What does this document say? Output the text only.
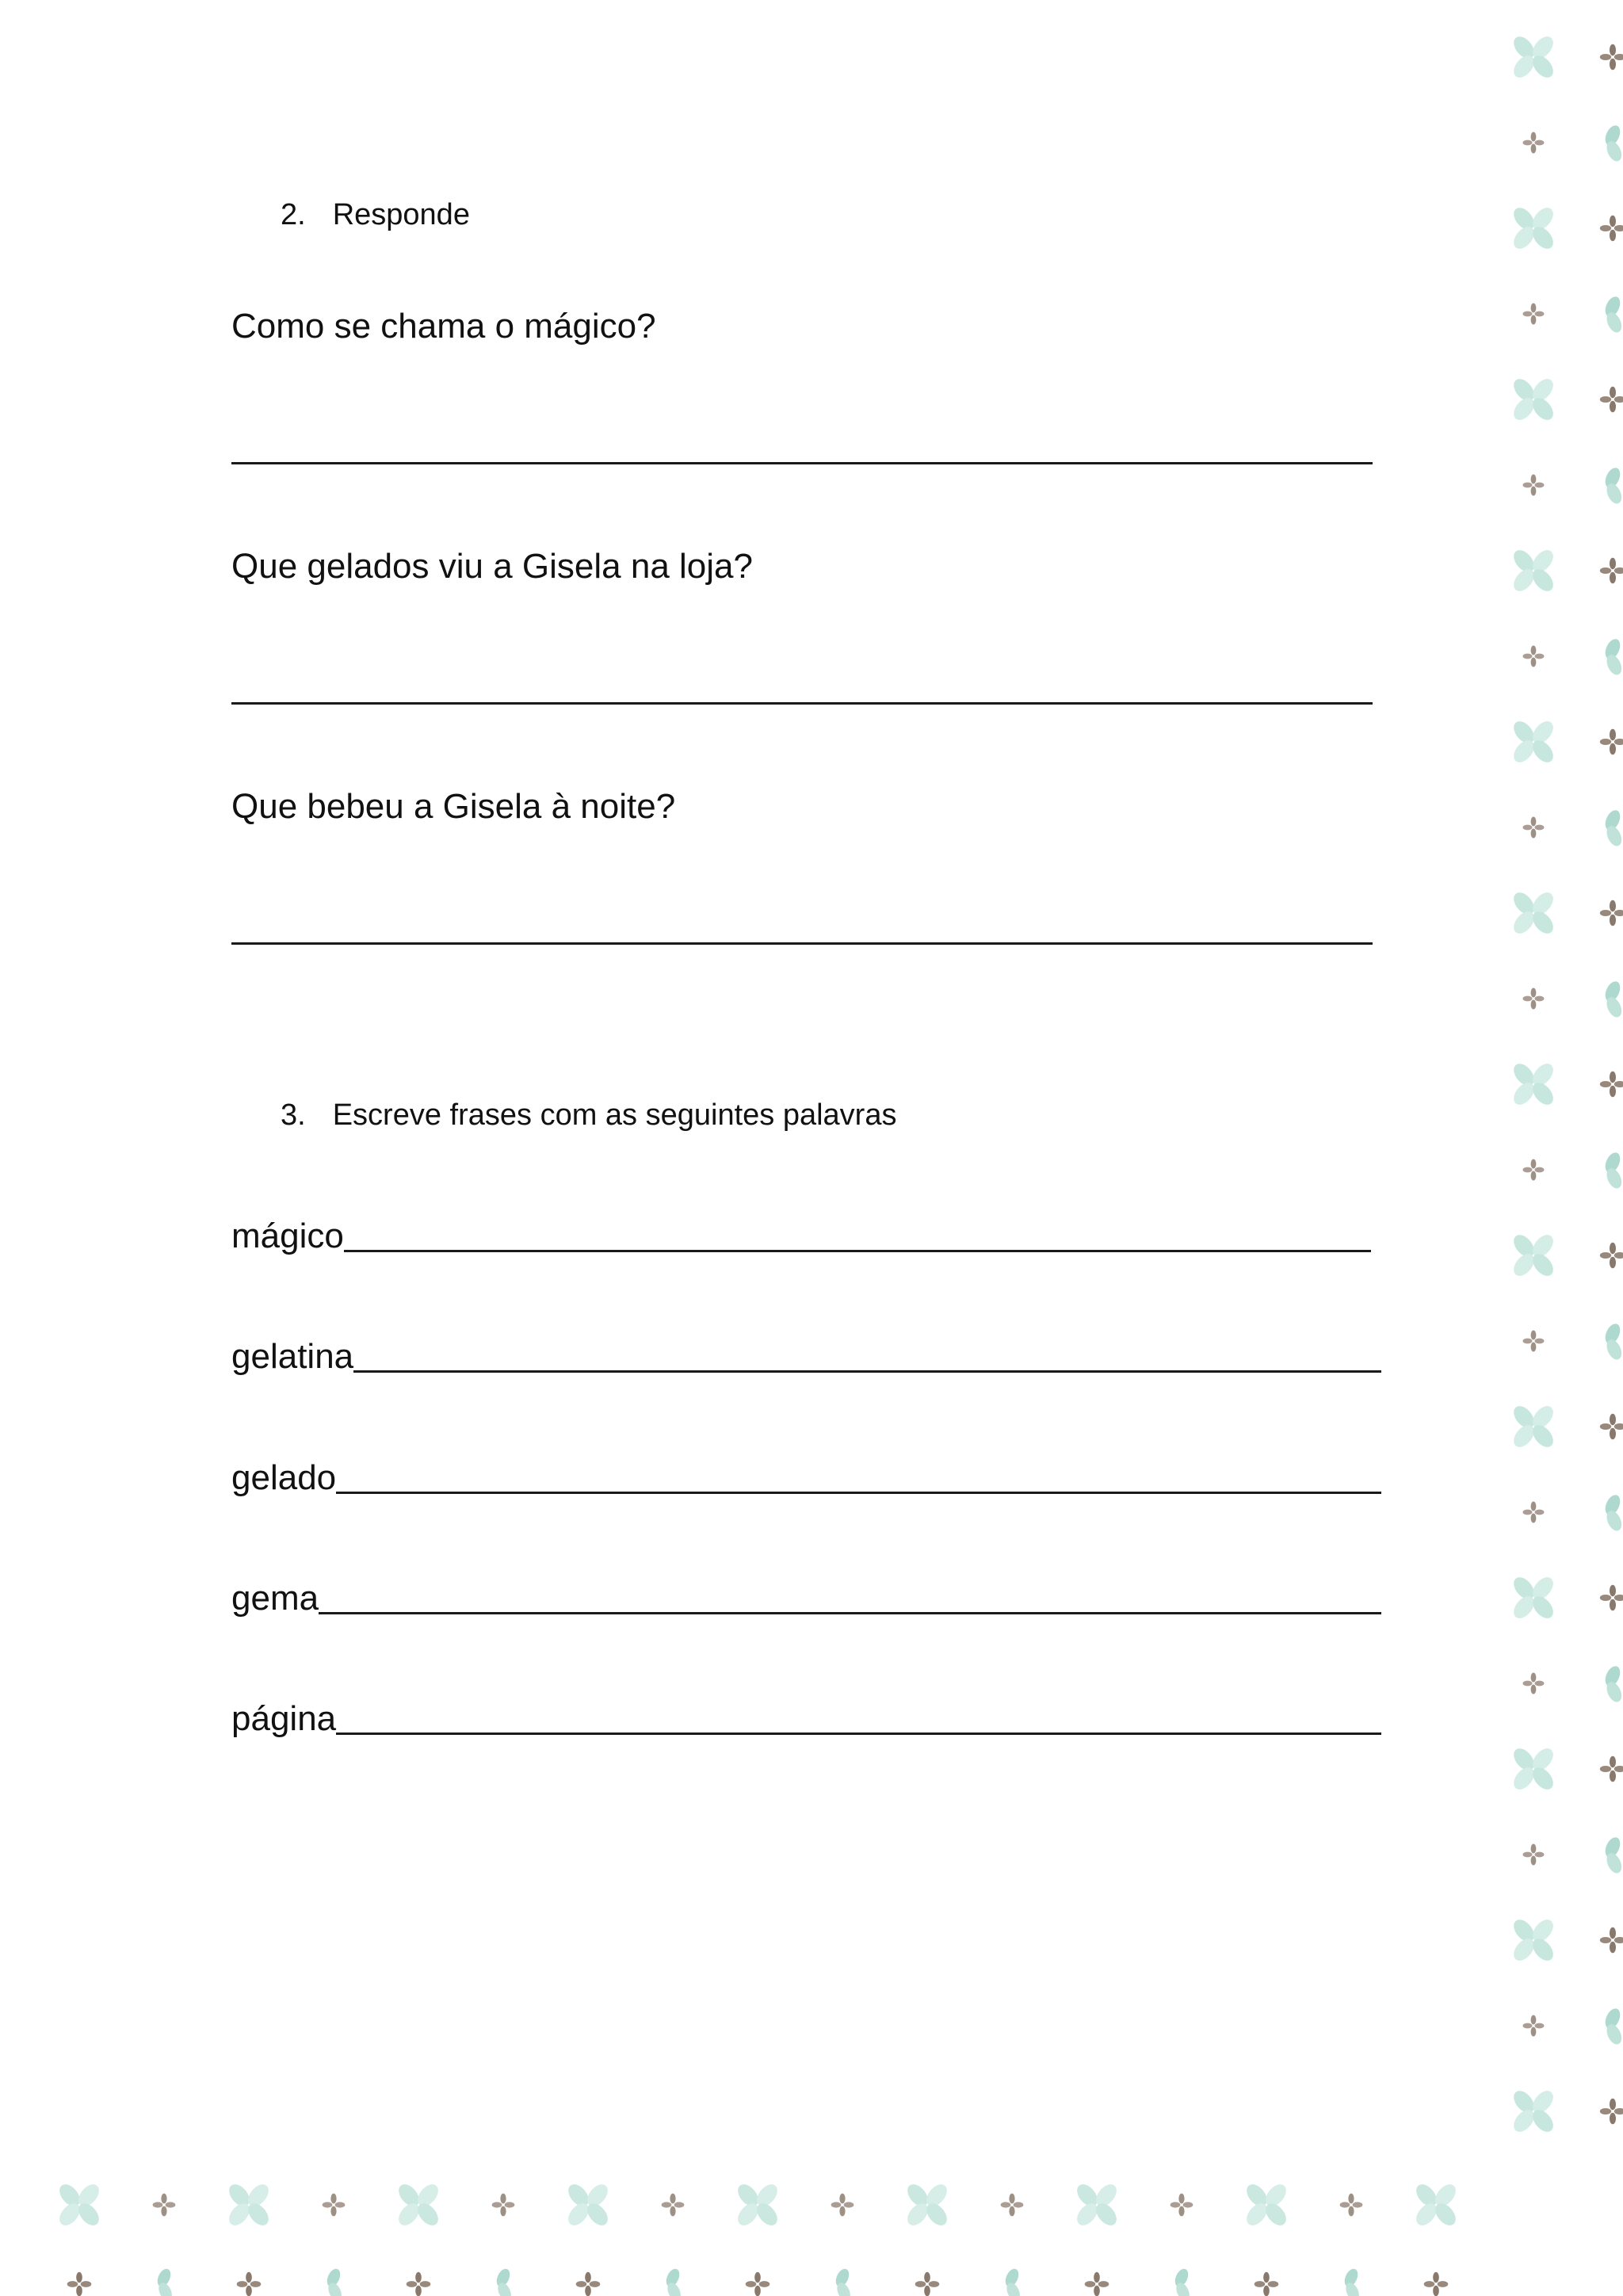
2. Responde
Como se chama o mágico?
Que gelados viu a Gisela na loja?
Que bebeu a Gisela à noite?
3. Escreve frases com as seguintes palavras
mágico
gelatina
gelado
gema
página
